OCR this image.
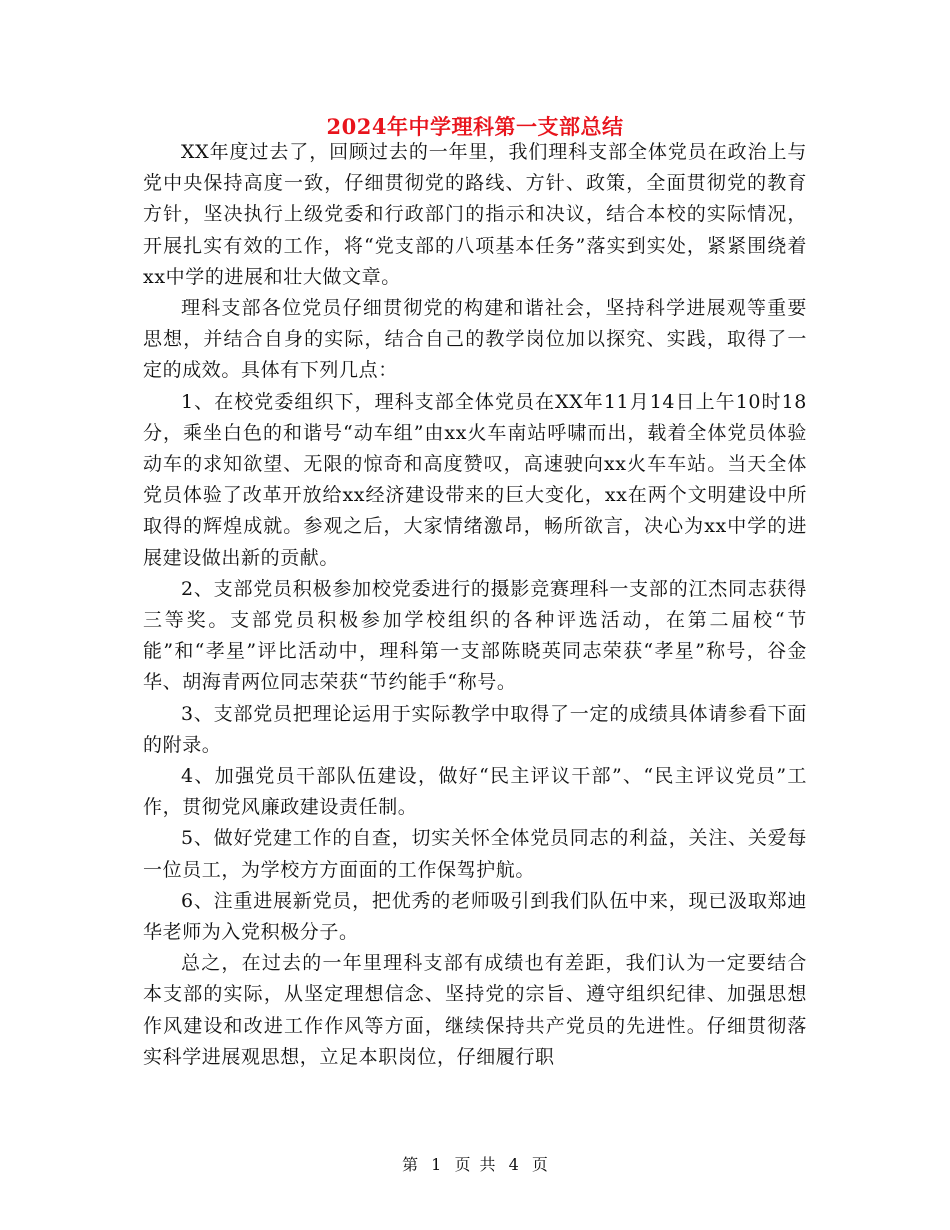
2024年中学理科第一支部总结

XX年度过去了，回顾过去的一年里，我们理科支部全体党员在政治上与党中央保持高度一致，仔细贯彻党的路线、方针、政策，全面贯彻党的教育方针，坚决执行上级党委和行政部门的指示和决议，结合本校的实际情况，开展扎实有效的工作，将“党支部的八项基本任务”落实到实处，紧紧围绕着xx中学的进展和壮大做文章。

理科支部各位党员仔细贯彻党的构建和谐社会，坚持科学进展观等重要思想，并结合自身的实际，结合自己的教学岗位加以探究、实践，取得了一定的成效。具体有下列几点：

1、在校党委组织下，理科支部全体党员在XX年11月14日上午10时18分，乘坐白色的和谐号“动车组”由xx火车南站呼啸而出，载着全体党员体验动车的求知欲望、无限的惊奇和高度赞叹，高速驶向xx火车车站。当天全体党员体验了改革开放给xx经济建设带来的巨大变化，xx在两个文明建设中所取得的辉煌成就。参观之后，大家情绪激昂，畅所欲言，决心为xx中学的进展建设做出新的贡献。

2、支部党员积极参加校党委进行的摄影竞赛理科一支部的江杰同志获得三等奖。支部党员积极参加学校组织的各种评选活动，在第二届校“节能”和“孝星”评比活动中，理科第一支部陈晓英同志荣获“孝星”称号，谷金华、胡海青两位同志荣获“节约能手“称号。

3、支部党员把理论运用于实际教学中取得了一定的成绩具体请参看下面的附录。

4、加强党员干部队伍建设，做好“民主评议干部”、“民主评议党员”工作，贯彻党风廉政建设责任制。

5、做好党建工作的自查，切实关怀全体党员同志的利益，关注、关爱每一位员工，为学校方方面面的工作保驾护航。

6、注重进展新党员，把优秀的老师吸引到我们队伍中来，现已汲取郑迪华老师为入党积极分子。

总之，在过去的一年里理科支部有成绩也有差距，我们认为一定要结合本支部的实际，从坚定理想信念、坚持党的宗旨、遵守组织纪律、加强思想作风建设和改进工作作风等方面，继续保持共产党员的先进性。仔细贯彻落实科学进展观思想，立足本职岗位，仔细履行职

第 1 页 共 4 页
